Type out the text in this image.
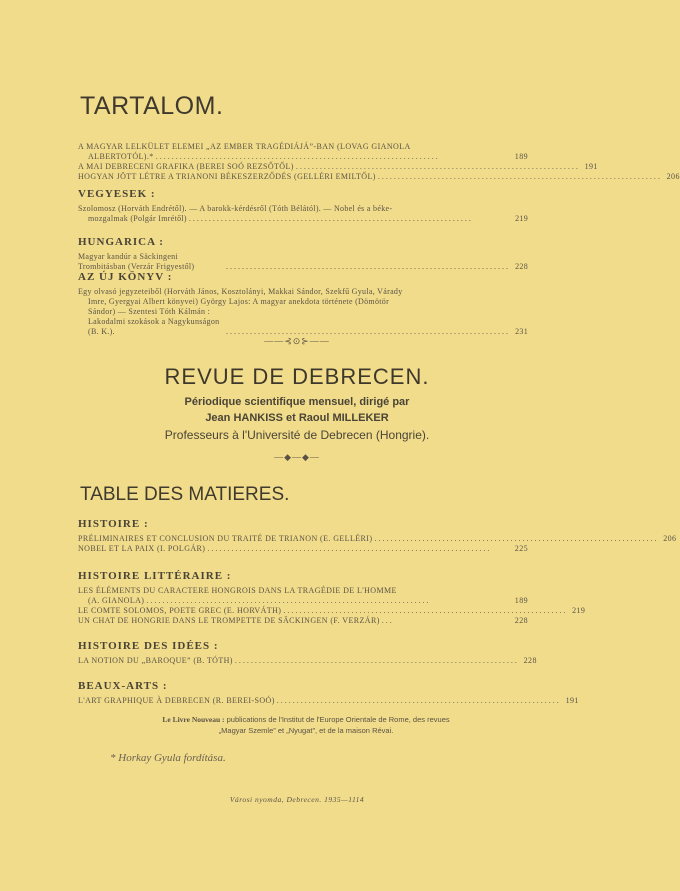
TARTALOM.
A MAGYAR LELKÜLET ELEMEI „AZ EMBER TRAGÉDIÁJÁ”-BAN (LOVAG GIANOLA
ALBERTOTÓL).* .......................................................................	189
A MAI DEBRECENI GRAFIKA (BEREI SOÓ REZSŐTŐL) ....................................................................... 191
HOGYAN JÖTT LÉTRE A TRIANONI BÉKESZERZŐDÉS (GELLÉRI EMILTŐL) ....................................................................... 206
VEGYESEK :
Szolomosz (Horváth Endrétől). — A barokk-kérdésről (Tóth Bélától). — Nobel és a béke-
mozgalmak (Polgár Imrétől) .......................................................................	219
HUNGARICA :
Magyar kandúr a Säckingeni Trombitásban (Verzár Frigyestől)	....................................................................... 228
AZ ÚJ KÖNYV :
Egy olvasó jegyzeteiből (Horváth János, Kosztolányi, Makkai Sándor, Szekfű Gyula, Várady
Imre, Gyergyai Albert könyvei) György Lajos: A magyar anekdota története (Dömötör
Sándor) — Szentesi Tóth Kálmán : Lakodalmi szokások a Nagykunságon (B. K.).	....................................................................... 231
——⊰⊙⊱——
REVUE DE DEBRECEN.
Périodique scientifique mensuel, dirigé par
Jean HANKISS et Raoul MILLEKER
Professeurs à l'Université de Debrecen (Hongrie).
—◆—◆—
TABLE DES MATIERES.
HISTOIRE :
PRÉLIMINAIRES ET CONCLUSION DU TRAITÉ DE TRIANON (E. GELLÉRI) ....................................................................... 206
NOBEL ET LA PAIX (I. POLGÁR) .......................................................................	225
HISTOIRE LITTÉRAIRE :
LES ÉLÉMENTS DU CARACTERE HONGROIS DANS LA TRAGÉDIE DE L'HOMME
(A. GIANOLA) .......................................................................	189
LE COMTE SOLOMOS, POETE GREC (E. HORVÁTH) ....................................................................... 219
UN CHAT DE HONGRIE DANS LE TROMPETTE DE SÄCKINGEN (F. VERZÁR) ...	228
HISTOIRE DES IDÉES :
LA NOTION DU „BAROQUE” (B. TÓTH) ....................................................................... 228
BEAUX-ARTS :
L'ART GRAPHIQUE À DEBRECEN (R. BEREI-SOÓ) ....................................................................... 191
Le Livre Nouveau : publications de l'Institut de l'Europe Orientale de Rome, des revues
„Magyar Szemle” et „Nyugat”, et de la maison Révai.
* Horkay Gyula fordítása.
Városi nyomda, Debrecen. 1935—1114
